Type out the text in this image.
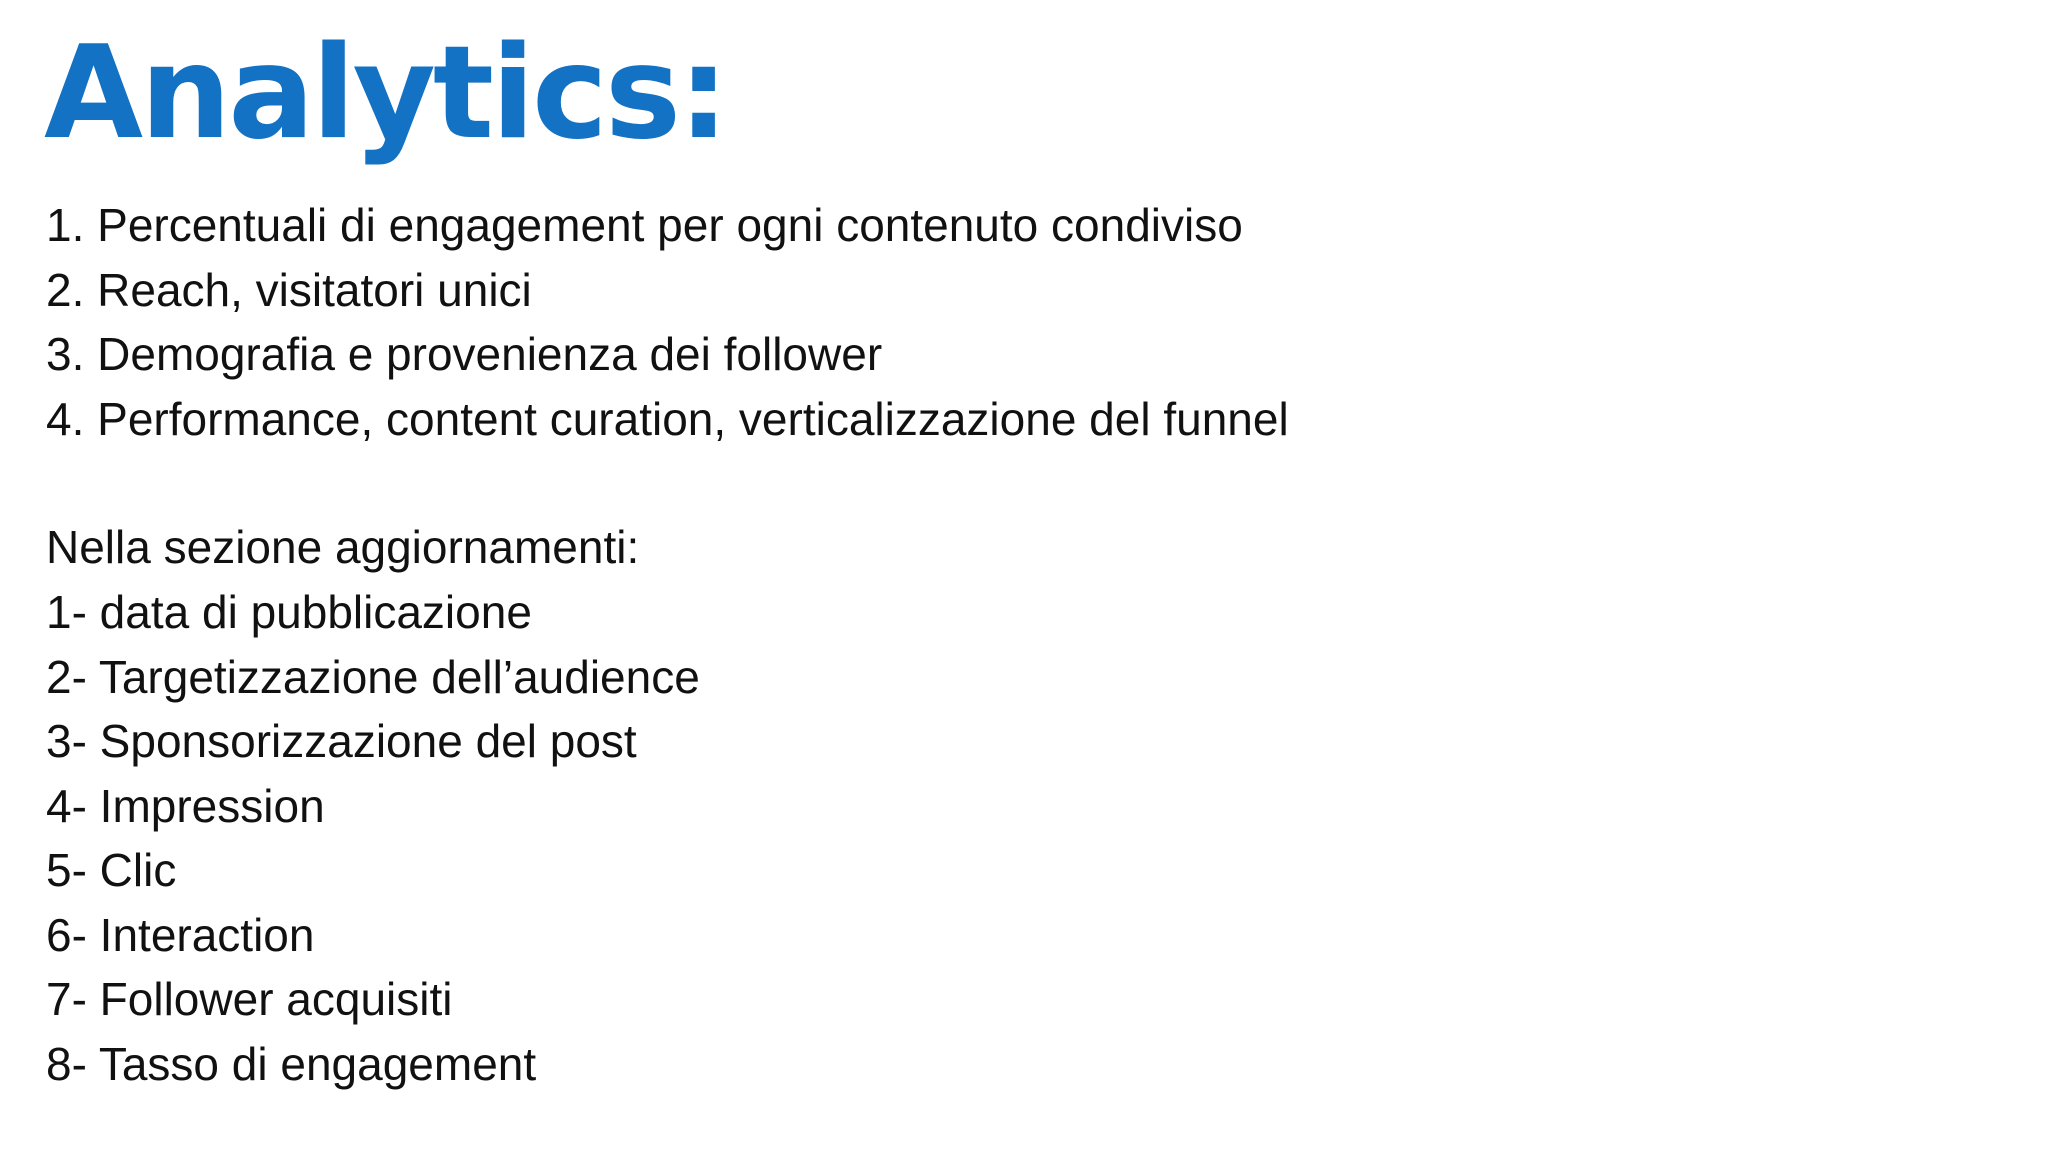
Analytics:
1. Percentuali di engagement per ogni contenuto condiviso
2. Reach, visitatori unici
3. Demografia e provenienza dei follower
4. Performance, content curation, verticalizzazione del funnel

Nella sezione aggiornamenti:

1- data di pubblicazione
2- Targetizzazione dell’audience
3- Sponsorizzazione del post
4- Impression
5- Clic
6- Interaction
7- Follower acquisiti
8- Tasso di engagement
